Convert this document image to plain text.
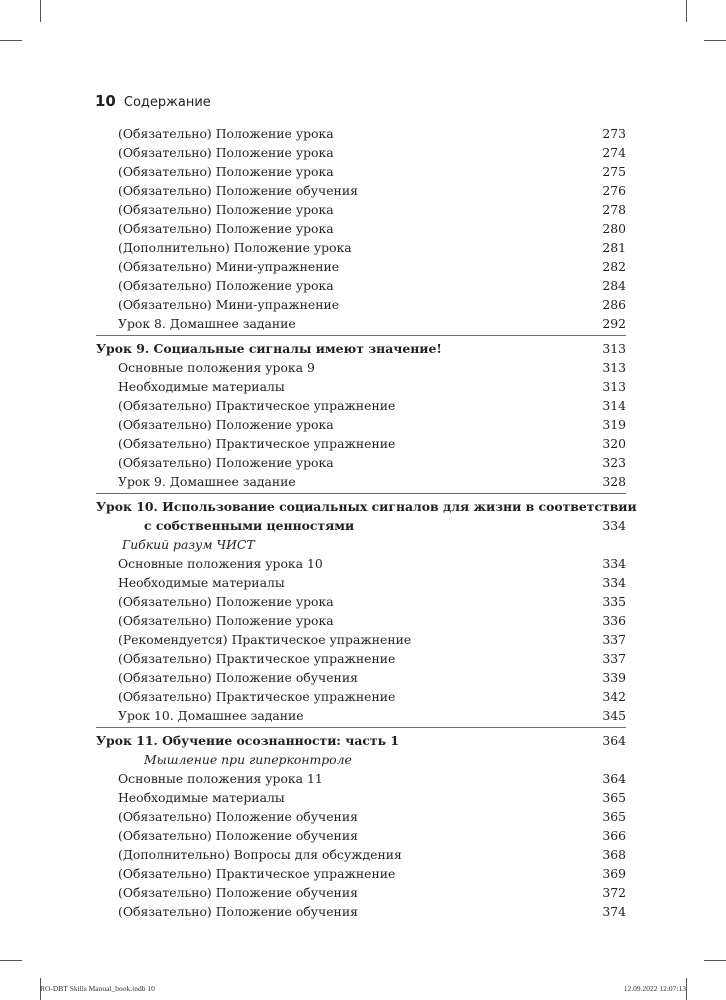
10 Содержание
(Обязательно) Положение урока	273
(Обязательно) Положение урока	274
(Обязательно) Положение урока	275
(Обязательно) Положение обучения	276
(Обязательно) Положение урока	278
(Обязательно) Положение урока	280
(Дополнительно) Положение урока	281
(Обязательно) Мини-упражнение	282
(Обязательно) Положение урока	284
(Обязательно) Мини-упражнение	286
Урок 8. Домашнее задание	292
Урок 9. Социальные сигналы имеют значение!	313
Основные положения урока 9	313
Необходимые материалы	313
(Обязательно) Практическое упражнение	314
(Обязательно) Положение урока	319
(Обязательно) Практическое упражнение	320
(Обязательно) Положение урока	323
Урок 9. Домашнее задание	328
Урок 10. Использование социальных сигналов для жизни в соответствии
с собственными ценностями	334
Гибкий разум ЧИСТ
Основные положения урока 10	334
Необходимые материалы	334
(Обязательно) Положение урока	335
(Обязательно) Положение урока	336
(Рекомендуется) Практическое упражнение	337
(Обязательно) Практическое упражнение	337
(Обязательно) Положение обучения	339
(Обязательно) Практическое упражнение	342
Урок 10. Домашнее задание	345
Урок 11. Обучение осознанности: часть 1	364
Мышление при гиперконтроле
Основные положения урока 11	364
Необходимые материалы	365
(Обязательно) Положение обучения	365
(Обязательно) Положение обучения	366
(Дополнительно) Вопросы для обсуждения	368
(Обязательно) Практическое упражнение	369
(Обязательно) Положение обучения	372
(Обязательно) Положение обучения	374
RO-DBT Skills Manual_book.indb 10	12.09.2022 12:07:13
